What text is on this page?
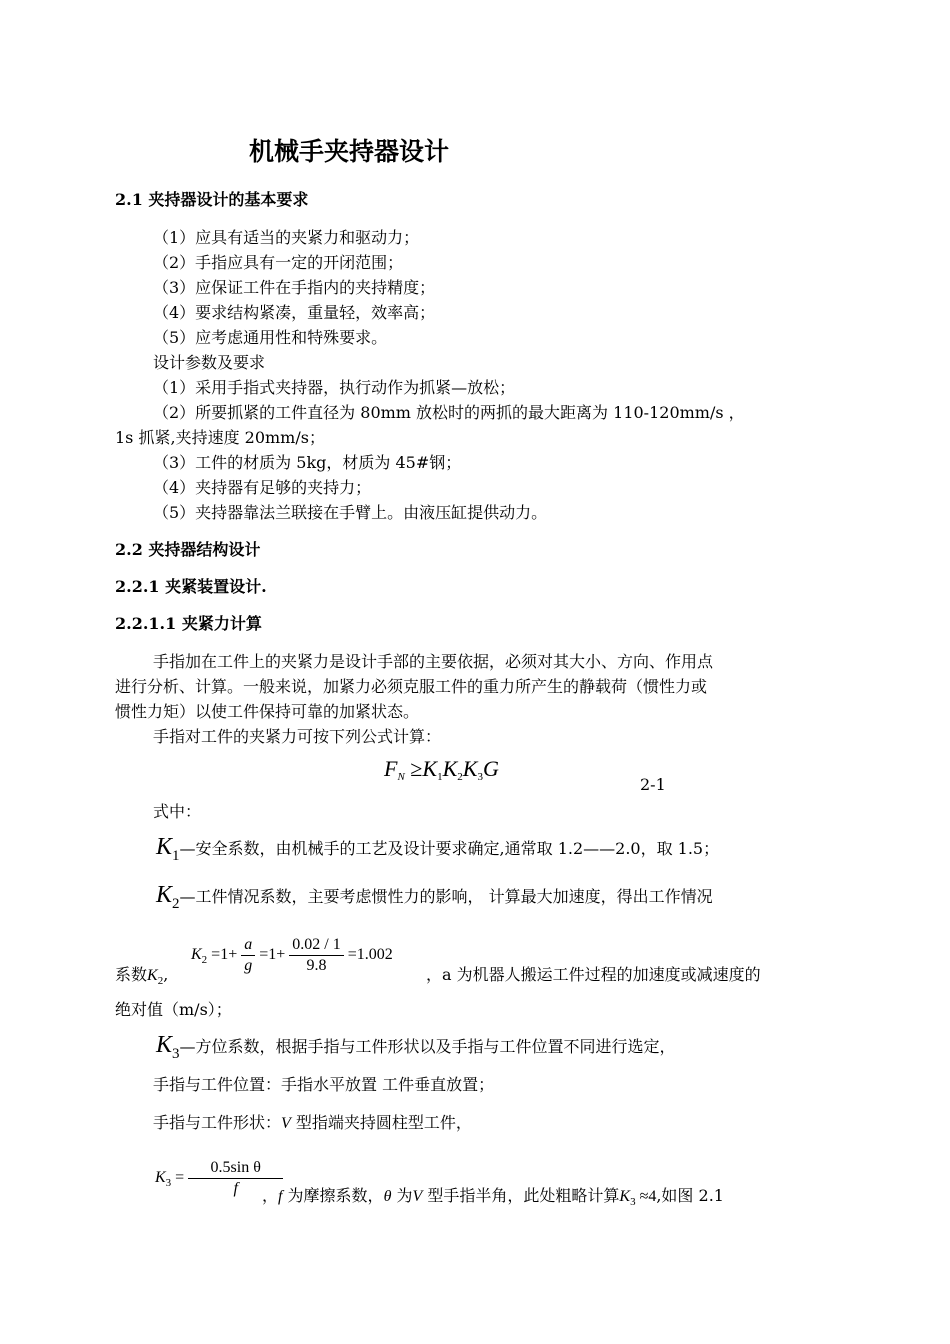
机械手夹持器设计
2.1 夹持器设计的基本要求
（1）应具有适当的夹紧力和驱动力；
（2）手指应具有一定的开闭范围；
（3）应保证工件在手指内的夹持精度；
（4）要求结构紧凑，重量轻，效率高；
（5）应考虑通用性和特殊要求。
设计参数及要求
（1）采用手指式夹持器，执行动作为抓紧—放松；
（2）所要抓紧的工件直径为 80mm 放松时的两抓的最大距离为 110-120mm/s ，
1s 抓紧,夹持速度 20mm/s；
（3）工件的材质为 5kg，材质为 45#钢；
（4）夹持器有足够的夹持力；
（5）夹持器靠法兰联接在手臂上。由液压缸提供动力。
2.2 夹持器结构设计
2.2.1 夹紧装置设计.
2.2.1.1 夹紧力计算
手指加在工件上的夹紧力是设计手部的主要依据，必须对其大小、方向、作用点
进行分析、计算。一般来说，加紧力必须克服工件的重力所产生的静载荷（惯性力或
惯性力矩）以使工件保持可靠的加紧状态。
手指对工件的夹紧力可按下列公式计算：
FN ≥K1K2K3G
2-1
式中：
K1—安全系数，由机械手的工艺及设计要求确定,通常取 1.2——2.0，取 1.5；
K2—工件情况系数，主要考虑惯性力的影响， 计算最大加速度，得出工作情况
系数$K_2$,
$K_2 =1+ \frac{a}{g} =1+ \frac{0.02 / 1}{9.8} =1.002$
，a 为机器人搬运工件过程的加速度或减速度的
绝对值（m/s）；
K3—方位系数，根据手指与工件形状以及手指与工件位置不同进行选定，
手指与工件位置：手指水平放置 工件垂直放置；
手指与工件形状：V 型指端夹持圆柱型工件，
$K_3 = \frac{\text{0.5sin θ}}{f}$
，f 为摩擦系数，θ 为V 型手指半角，此处粗略计算$K_3 \approx 4$,如图 2.1
